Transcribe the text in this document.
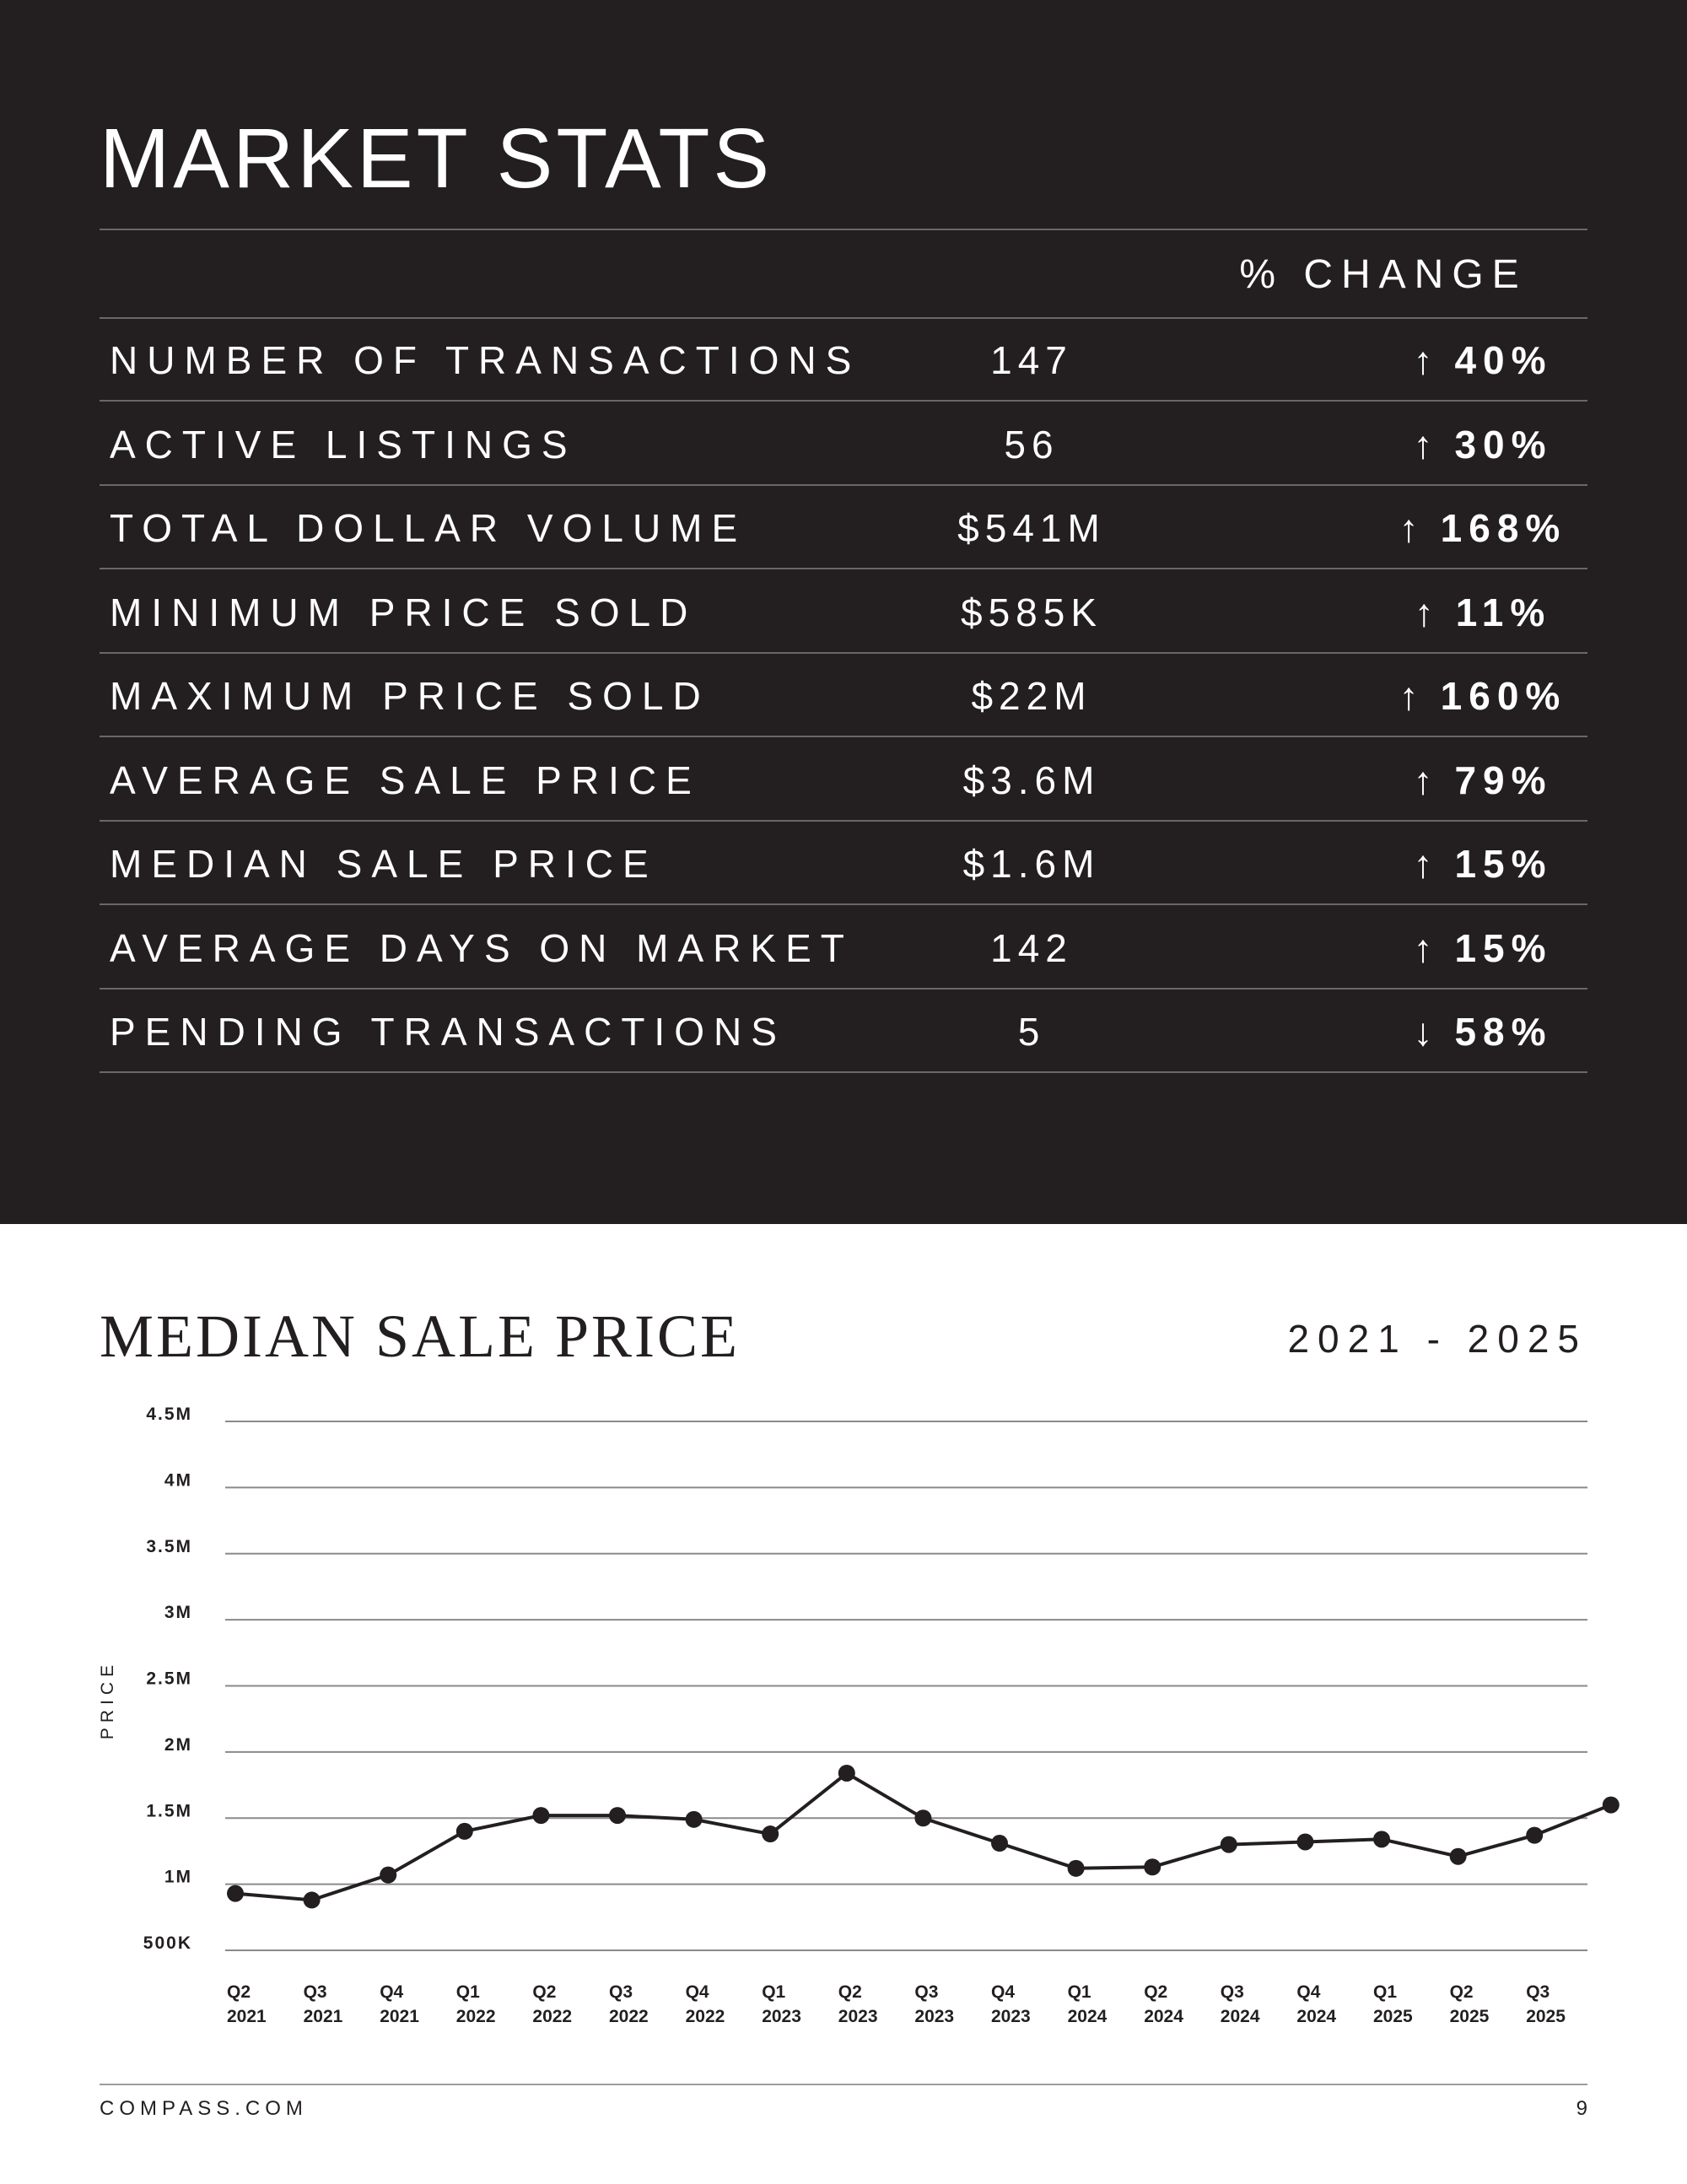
MARKET STATS
% CHANGE
NUMBER OF TRANSACTIONS	147	↑ 40%
ACTIVE LISTINGS	56	↑ 30%
TOTAL DOLLAR VOLUME	$541M	↑ 168%
MINIMUM PRICE SOLD	$585K	↑ 11%
MAXIMUM PRICE SOLD	$22M	↑ 160%
AVERAGE SALE PRICE	$3.6M	↑ 79%
MEDIAN SALE PRICE	$1.6M	↑ 15%
AVERAGE DAYS ON MARKET	142	↑ 15%
PENDING TRANSACTIONS	5	↓ 58%
MEDIAN SALE PRICE	2021 - 2025
500K
1M
1.5M
2M
2.5M
3M
3.5M
4M
4.5M
PRICE
Q2
2021
Q3
2021
Q4
2021
Q1
2022
Q2
2022
Q3
2022
Q4
2022
Q1
2023
Q2
2023
Q3
2023
Q4
2023
Q1
2024
Q2
2024
Q3
2024
Q4
2024
Q1
2025
Q2
2025
Q3
2025
COMPASS.COM	9
